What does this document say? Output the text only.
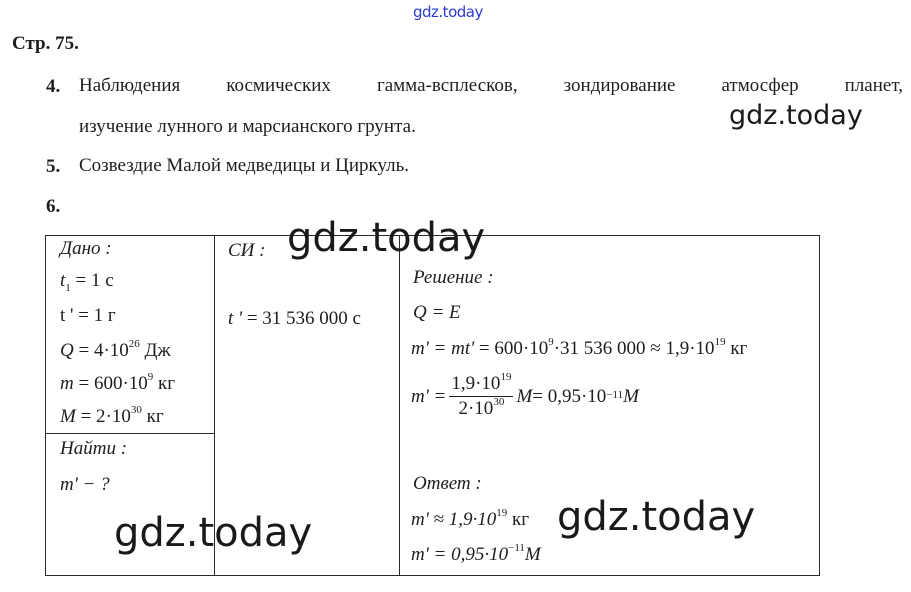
gdz.today
Стр. 75.
4. Наблюдения космических гамма-всплесков, зондирование атмосфер планет,
изучение лунного и марсианского грунта.	gdz.today
5. Созвездие Малой медведицы и Циркуль.
6.
Дано :
$t_1 = 1$ с
t ' = 1 г
$Q = 4\cdot 10^{26}$ Дж
$m = 600\cdot 10^9$ кг
$M = 2\cdot 10^{30}$ кг
Найти :
m' − ?
СИ :
t ' = 31 536 000 с
Решение :
Q = E
$m' = mt' = 600\cdot 10^9\cdot 31$ 536 $000 \approx 1,9\cdot 10^{19}$ кг
$m' = \frac{1,9\cdot 10^{19}}{2\cdot 10^{30}}$ $M = 0,95\cdot 10^{-11}$ M
Ответ :
$m' \approx 1,9\cdot 10^{19}$ кг
$m' = 0,95\cdot 10^{-11}M$
gdz.today
gdz.today	gdz.today
